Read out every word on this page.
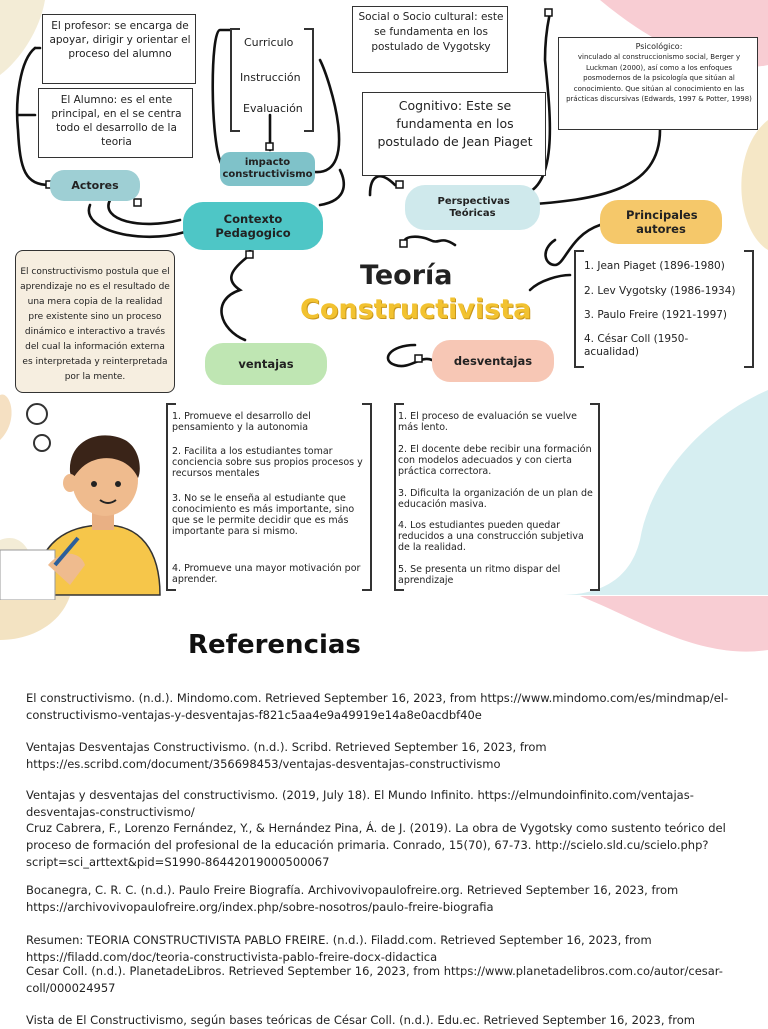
El profesor: se encarga de apoyar, dirigir y orientar el proceso del alumno
El Alumno: es el ente principal, en el se centra todo el desarrollo de la teoria
Actores
Curriculo
Instrucción
Evaluación
impacto constructivismo
Contexto Pedagogico
Social o Socio cultural: este se fundamenta en los postulado de Vygotsky
Cognitivo: Este se fundamenta en los postulado de Jean Piaget
Perspectivas Teóricas
Psicológico:
vinculado al construccionismo social, Berger y Luckman (2000), así como a los enfoques posmodernos de la psicología que sitúan al conocimiento. Que sitúan al conocimiento en las prácticas discursivas (Edwards, 1997 & Potter, 1998)
Principales autores
1. Jean Piaget (1896-1980)
2. Lev Vygotsky (1986-1934)
3. Paulo Freire (1921-1997)
4. César Coll (1950-acualidad)
Teoría
Constructivista
El constructivismo postula que el aprendizaje no es el resultado de una mera copia de la realidad pre existente sino un proceso dinámico e interactivo a través del cual la información externa es interpretada y reinterpretada por la mente.
ventajas	desventajas
1. Promueve el desarrollo del pensamiento y la autonomia
2. Facilita a los estudiantes tomar conciencia sobre sus propios procesos y recursos mentales
3. No se le enseña al estudiante que conocimiento es más importante, sino que se le permite decidir que es más importante para si mismo.
4. Promueve una mayor motivación por aprender.
1. El proceso de evaluación se vuelve más lento.
2. El docente debe recibir una formación con modelos adecuados y con cierta práctica correctora.
3. Dificulta la organización de un plan de educación masiva.
4. Los estudiantes pueden quedar reducidos a una construcción subjetiva de la realidad.
5. Se presenta un ritmo dispar del aprendizaje
Referencias
El constructivismo. (n.d.). Mindomo.com. Retrieved September 16, 2023, from https://www.mindomo.com/es/mindmap/el-constructivismo-ventajas-y-desventajas-f821c5aa4e9a49919e14a8e0acdbf40e
Ventajas Desventajas Constructivismo. (n.d.). Scribd. Retrieved September 16, 2023, from https://es.scribd.com/document/356698453/ventajas-desventajas-constructivismo
Ventajas y desventajas del constructivismo. (2019, July 18). El Mundo Infinito. https://elmundoinfinito.com/ventajas-desventajas-constructivismo/
Cruz Cabrera, F., Lorenzo Fernández, Y., & Hernández Pina, Á. de J. (2019). La obra de Vygotsky como sustento teórico del proceso de formación del profesional de la educación primaria. Conrado, 15(70), 67-73. http://scielo.sld.cu/scielo.php?script=sci_arttext&pid=S1990-86442019000500067
Bocanegra, C. R. C. (n.d.). Paulo Freire Biografía. Archivovivopaulofreire.org. Retrieved September 16, 2023, from https://archivovivopaulofreire.org/index.php/sobre-nosotros/paulo-freire-biografia
Resumen: TEORIA CONSTRUCTIVISTA PABLO FREIRE. (n.d.). Filadd.com. Retrieved September 16, 2023, from https://filadd.com/doc/teoria-constructivista-pablo-freire-docx-didactica
Cesar Coll. (n.d.). PlanetadeLibros. Retrieved September 16, 2023, from https://www.planetadelibros.com.co/autor/cesar-coll/000024957
Vista de El Constructivismo, según bases teóricas de César Coll. (n.d.). Edu.ec. Retrieved September 16, 2023, from
